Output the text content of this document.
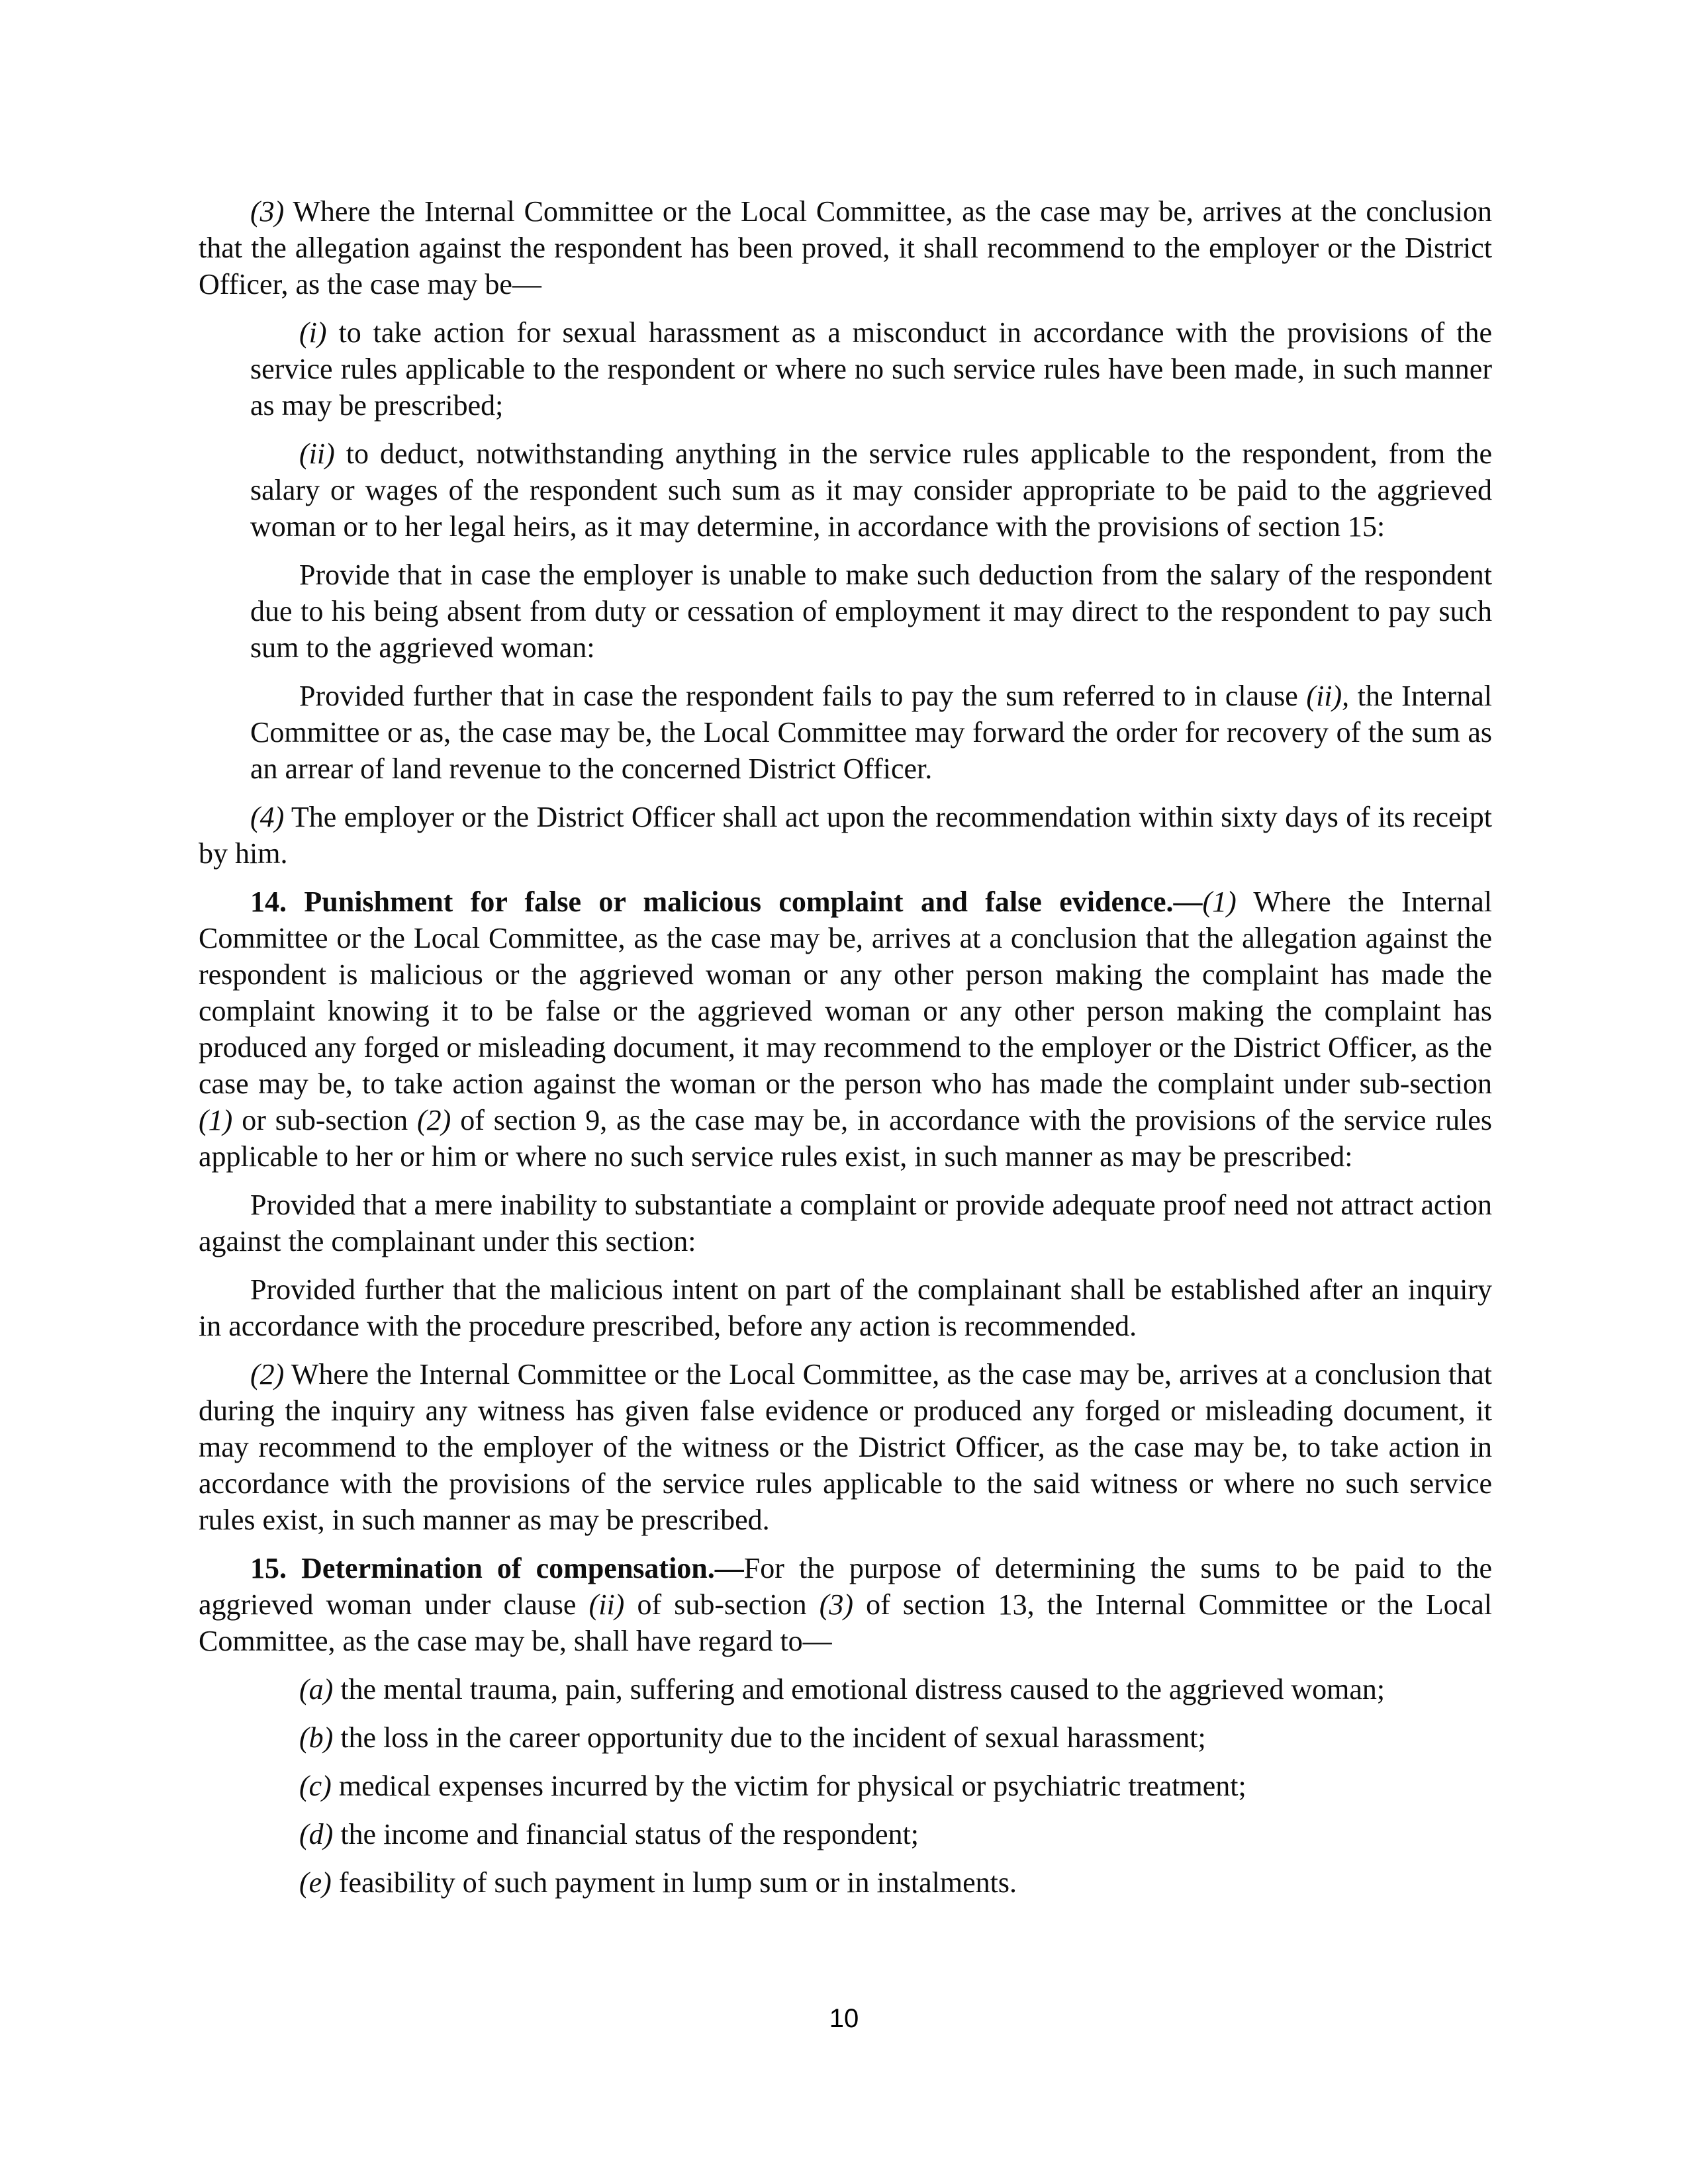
(3) Where the Internal Committee or the Local Committee, as the case may be, arrives at the conclusion that the allegation against the respondent has been proved, it shall recommend to the employer or the District Officer, as the case may be—

(i) to take action for sexual harassment as a misconduct in accordance with the provisions of the service rules applicable to the respondent or where no such service rules have been made, in such manner as may be prescribed;

(ii) to deduct, notwithstanding anything in the service rules applicable to the respondent, from the salary or wages of the respondent such sum as it may consider appropriate to be paid to the aggrieved woman or to her legal heirs, as it may determine, in accordance with the provisions of section 15:

Provide that in case the employer is unable to make such deduction from the salary of the respondent due to his being absent from duty or cessation of employment it may direct to the respondent to pay such sum to the aggrieved woman:

Provided further that in case the respondent fails to pay the sum referred to in clause (ii), the Internal Committee or as, the case may be, the Local Committee may forward the order for recovery of the sum as an arrear of land revenue to the concerned District Officer.

(4) The employer or the District Officer shall act upon the recommendation within sixty days of its receipt by him.

14. Punishment for false or malicious complaint and false evidence.—(1) Where the Internal Committee or the Local Committee, as the case may be, arrives at a conclusion that the allegation against the respondent is malicious or the aggrieved woman or any other person making the complaint has made the complaint knowing it to be false or the aggrieved woman or any other person making the complaint has produced any forged or misleading document, it may recommend to the employer or the District Officer, as the case may be, to take action against the woman or the person who has made the complaint under sub-section (1) or sub-section (2) of section 9, as the case may be, in accordance with the provisions of the service rules applicable to her or him or where no such service rules exist, in such manner as may be prescribed:

Provided that a mere inability to substantiate a complaint or provide adequate proof need not attract action against the complainant under this section:

Provided further that the malicious intent on part of the complainant shall be established after an inquiry in accordance with the procedure prescribed, before any action is recommended.

(2) Where the Internal Committee or the Local Committee, as the case may be, arrives at a conclusion that during the inquiry any witness has given false evidence or produced any forged or misleading document, it may recommend to the employer of the witness or the District Officer, as the case may be, to take action in accordance with the provisions of the service rules applicable to the said witness or where no such service rules exist, in such manner as may be prescribed.

15. Determination of compensation.—For the purpose of determining the sums to be paid to the aggrieved woman under clause (ii) of sub-section (3) of section 13, the Internal Committee or the Local Committee, as the case may be, shall have regard to—

(a) the mental trauma, pain, suffering and emotional distress caused to the aggrieved woman;

(b) the loss in the career opportunity due to the incident of sexual harassment;

(c) medical expenses incurred by the victim for physical or psychiatric treatment;

(d) the income and financial status of the respondent;

(e) feasibility of such payment in lump sum or in instalments.

10
